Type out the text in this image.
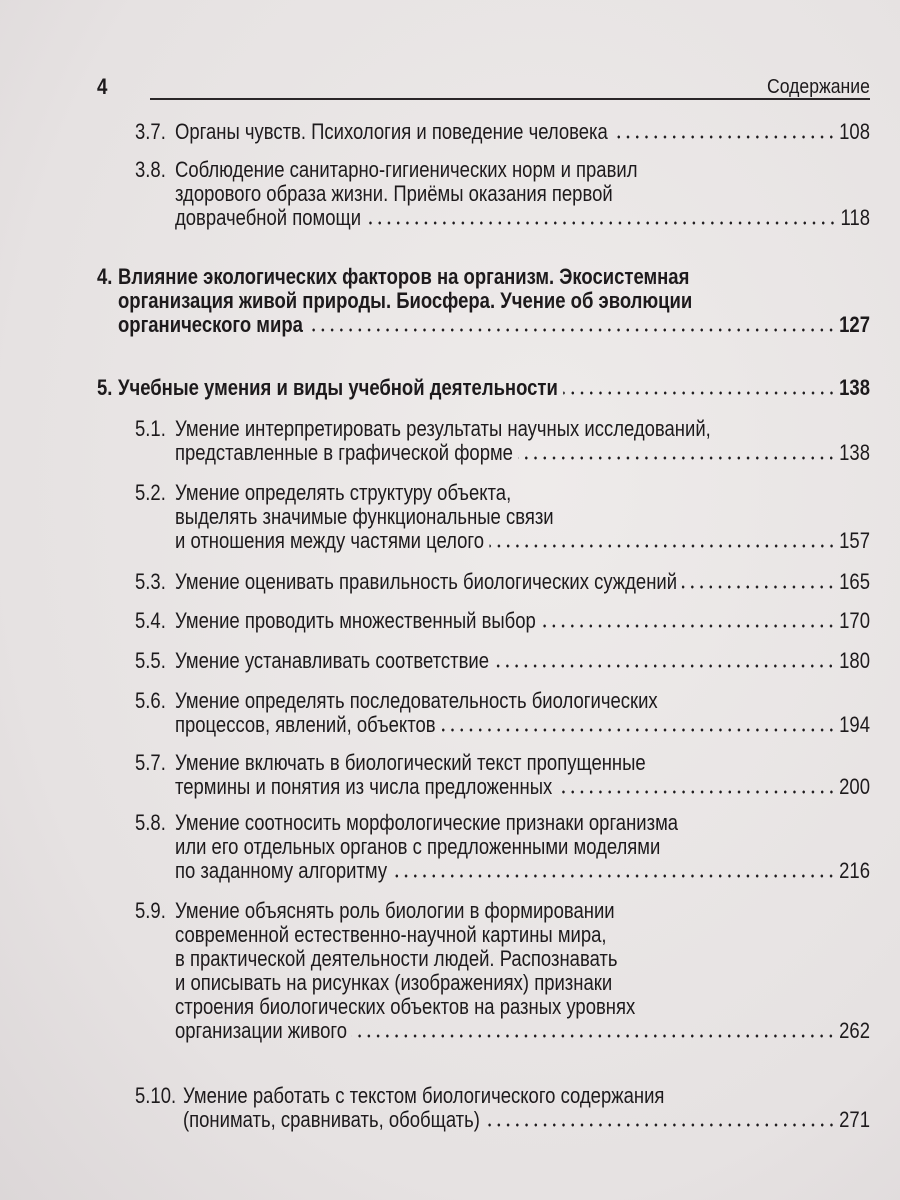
4	Содержание
3.7. Органы чувств. Психология и поведение человека	108
3.8. Соблюдение санитарно-гигиенических норм и правил
здорового образа жизни. Приёмы оказания первой
доврачебной помощи	118
4. Влияние экологических факторов на организм. Экосистемная
организация живой природы. Биосфера. Учение об эволюции
органического мира	127
5. Учебные умения и виды учебной деятельности	138
5.1. Умение интерпретировать результаты научных исследований,
представленные в графической форме	138
5.2. Умение определять структуру объекта,
выделять значимые функциональные связи
и отношения между частями целого	157
5.3. Умение оценивать правильность биологических суждений	165
5.4. Умение проводить множественный выбор	170
5.5. Умение устанавливать соответствие	180
5.6. Умение определять последовательность биологических
процессов, явлений, объектов	194
5.7. Умение включать в биологический текст пропущенные
термины и понятия из числа предложенных	200
5.8. Умение соотносить морфологические признаки организма
или его отдельных органов с предложенными моделями
по заданному алгоритму	216
5.9. Умение объяснять роль биологии в формировании
современной естественно-научной картины мира,
в практической деятельности людей. Распознавать
и описывать на рисунках (изображениях) признаки
строения биологических объектов на разных уровнях
организации живого	262
5.10. Умение работать с текстом биологического содержания
(понимать, сравнивать, обобщать)	271
